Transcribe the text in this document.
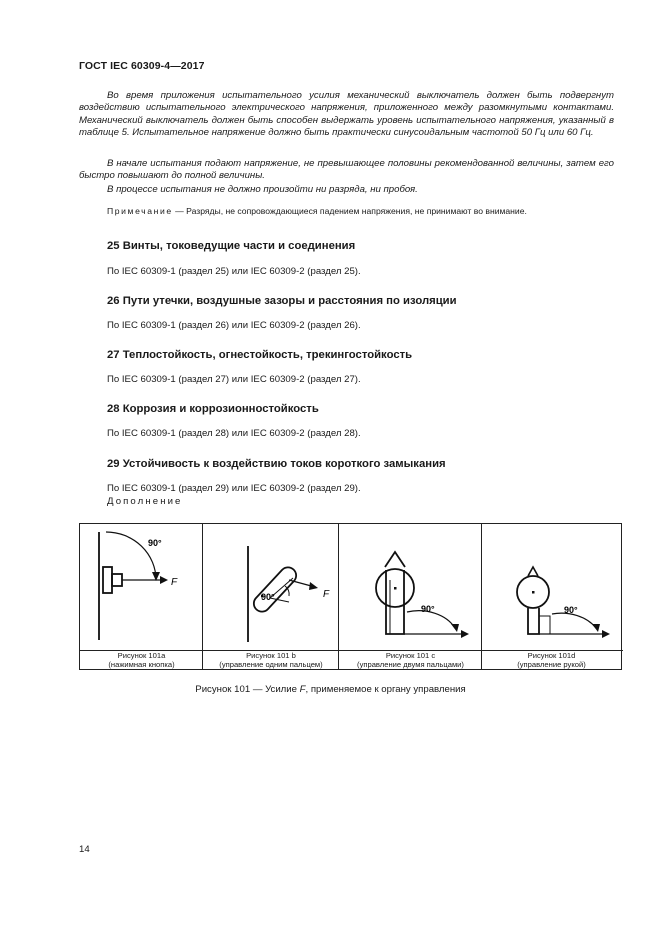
ГОСТ IEC 60309-4—2017
Во время приложения испытательного усилия механический выключатель должен быть подвергнут воздействию испытательного электрического напряжения, приложенного между разомкнутыми контактами. Механический выключатель должен быть способен выдержать уровень испытательного напряжения, указанный в таблице 5. Испытательное напряжение должно быть практически синусоидальным частотой 50 Гц или 60 Гц.
В начале испытания подают напряжение, не превышающее половины рекомендованной величины, затем его быстро повышают до полной величины.
В процессе испытания не должно произойти ни разряда, ни пробоя.
Примечание — Разряды, не сопровождающиеся падением напряжения, не принимают во внимание.
25 Винты, токоведущие части и соединения
По IEC 60309-1 (раздел 25) или IEC 60309-2 (раздел 25).
26 Пути утечки, воздушные зазоры и расстояния по изоляции
По IEC 60309-1 (раздел 26) или IEC 60309-2 (раздел 26).
27 Теплостойкость, огнестойкость, трекингостойкость
По IEC 60309-1 (раздел 27) или IEC 60309-2 (раздел 27).
28 Коррозия и коррозионностойкость
По IEC 60309-1 (раздел 28) или IEC 60309-2 (раздел 28).
29 Устойчивость к воздействию токов короткого замыкания
По IEC 60309-1 (раздел 29) или IEC 60309-2 (раздел 29).
Дополнение
90°
F
Рисунок 101a
(нажимная кнопка)
90°	F
Рисунок 101 b
(управление одним пальцем)
90°
Рисунок 101 c
(управление двумя пальцами)
90°
Рисунок 101d
(управление рукой)
Рисунок 101 — Усилие F, применяемое к органу управления
14
